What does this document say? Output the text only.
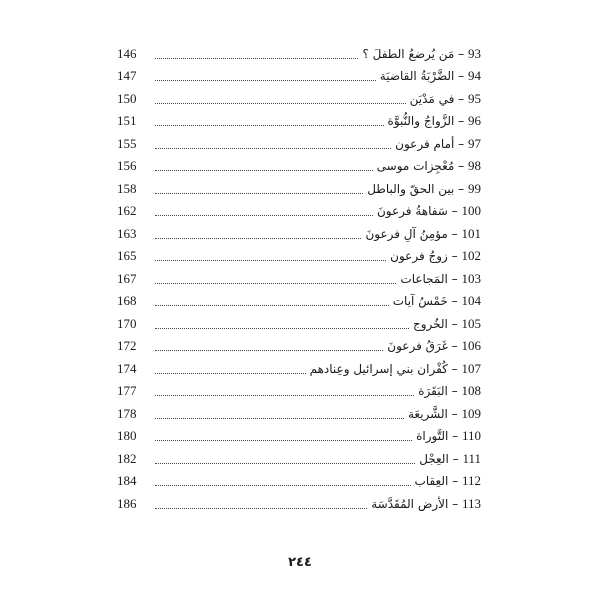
146	93 – مَن يُرضعُ الطفلَ ؟
147	94 – الضَّرْبَةُ القاضيَة
150	95 – في مَدْيَن
151	96 – الزَّواجُ والنُّبوَّة
155	97 – أمام فرعون
156	98 – مُعْجِزات موسى
158	99 – بين الحقّ والباطل
162	100 – سَفاهةُ فرعونَ
163	101 – مؤمِنُ آلِ فرعونَ
165	102 – زوجُ فرعون
167	103 – المَجاعات
168	104 – خَمْسُ آيات
170	105 – الخُروج
172	106 – غَرَقُ فرعونَ
174	107 – كُفْران بني إسرائيل وعِنادهم
177	108 – البَقَرَة
178	109 – الشَّريعَة
180	110 – التَّوراة
182	111 – العِجْل
184	112 – العِقاب
186	113 – الأرض المُقَدَّسَة
٢٤٤
